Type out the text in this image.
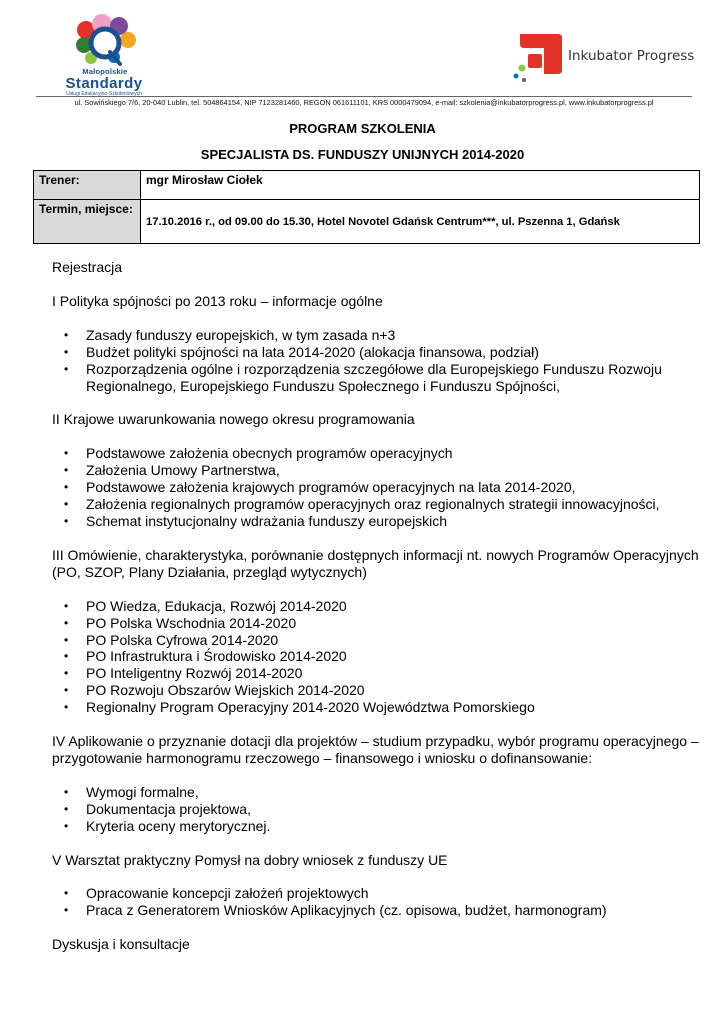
Małopolskie
Standardy
Usługi Edukacyjno-Szkoleniowych
Inkubator Progress
ul. Sowińskiego 7/6, 20-040 Lublin, tel. 504864154, NIP 7123281460, REGON 061611101, KRS 0000479094, e-mail: szkolenia@inkubatorprogress.pl, www.inkubatorprogress.pl
PROGRAM SZKOLENIA
SPECJALISTA DS. FUNDUSZY UNIJNYCH 2014-2020
Trener:	mgr Mirosław Ciołek
Termin, miejsce:	17.10.2016 r., od 09.00 do 15.30, Hotel Novotel Gdańsk Centrum***, ul. Pszenna 1, Gdańsk

Rejestracja

I Polityka spójności po 2013 roku – informacje ogólne

• Zasady funduszy europejskich, w tym zasada n+3
• Budżet polityki spójności na lata 2014-2020 (alokacja finansowa, podział)
• Rozporządzenia ogólne i rozporządzenia szczegółowe dla Europejskiego Funduszu Rozwoju Regionalnego, Europejskiego Funduszu Społecznego i Funduszu Spójności,

II Krajowe uwarunkowania nowego okresu programowania

• Podstawowe założenia obecnych programów operacyjnych
• Założenia Umowy Partnerstwa,
• Podstawowe założenia krajowych programów operacyjnych na lata 2014-2020,
• Założenia regionalnych programów operacyjnych oraz regionalnych strategii innowacyjności,
• Schemat instytucjonalny wdrażania funduszy europejskich

III Omówienie, charakterystyka, porównanie dostępnych informacji nt. nowych Programów Operacyjnych (PO, SZOP, Plany Działania, przegląd wytycznych)

• PO Wiedza, Edukacja, Rozwój 2014-2020
• PO Polska Wschodnia 2014-2020
• PO Polska Cyfrowa 2014-2020
• PO Infrastruktura i Środowisko 2014-2020
• PO Inteligentny Rozwój 2014-2020
• PO Rozwoju Obszarów Wiejskich 2014-2020
• Regionalny Program Operacyjny 2014-2020 Województwa Pomorskiego

IV Aplikowanie o przyznanie dotacji dla projektów – studium przypadku, wybór programu operacyjnego – przygotowanie harmonogramu rzeczowego – finansowego i wniosku o dofinansowanie:

• Wymogi formalne,
• Dokumentacja projektowa,
• Kryteria oceny merytorycznej.

V Warsztat praktyczny Pomysł na dobry wniosek z funduszy UE

• Opracowanie koncepcji założeń projektowych
• Praca z Generatorem Wniosków Aplikacyjnych (cz. opisowa, budżet, harmonogram)

Dyskusja i konsultacje
